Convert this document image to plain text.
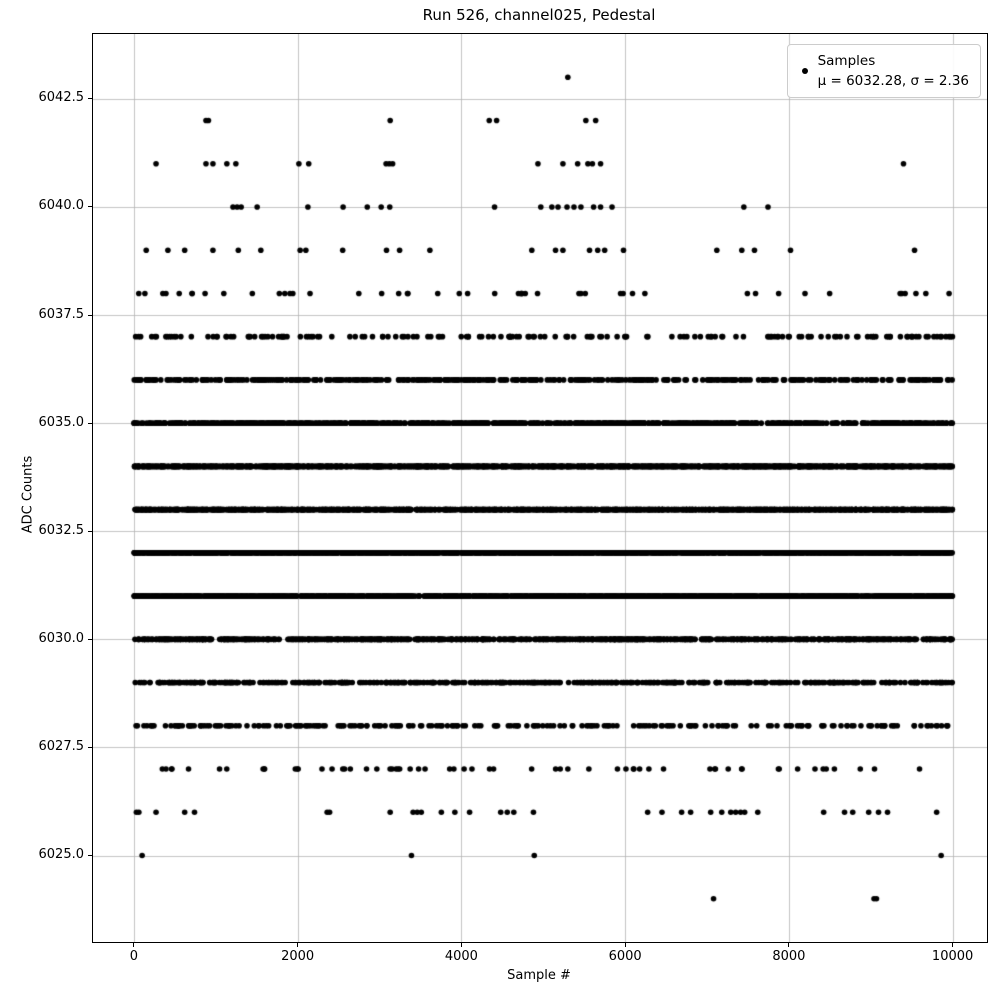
Run 526, channel025, Pedestal
Sample #
ADC Counts
Samples
μ = 6032.28, σ = 2.36
0	2000	4000	6000	8000	10000
6025.0
6027.5
6030.0
6032.5
6035.0
6037.5
6040.0
6042.5
